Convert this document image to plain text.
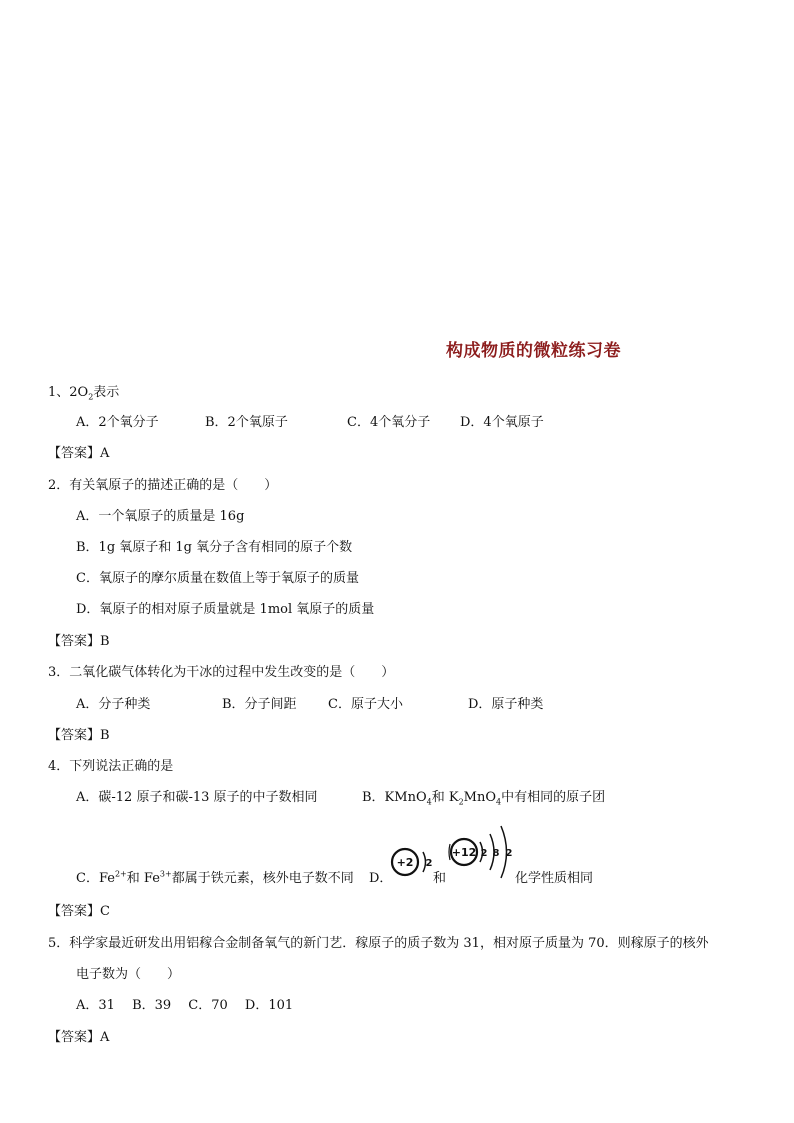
构成物质的微粒练习卷
1、$2O_2$表示
A．2个氧分子	B．2个氧原子	C．4个氧分子 D．4个氧原子
【答案】A
2．有关氧原子的描述正确的是（　　）
A．一个氧原子的质量是 16g
B．1g 氧原子和 1g 氧分子含有相同的原子个数
C．氧原子的摩尔质量在数值上等于氧原子的质量
D．氧原子的相对原子质量就是 1mol 氧原子的质量
【答案】B
3．二氧化碳气体转化为干冰的过程中发生改变的是（　　）
A．分子种类	B．分子间距 C．原子大小	D．原子种类
【答案】B
4．下列说法正确的是
A．碳-12 原子和碳-13 原子的中子数相同	B．KMnO$_4$和 $K_2MnO_4$中有相同的原子团
C．$Fe^{2+}$和 $Fe^{3+}$都属于铁元素，核外电子数不同 D．
+2 2
和
+12 2 8 2
化学性质相同
【答案】C
5．科学家最近研发出用铝稼合金制备氧气的新门艺．稼原子的质子数为 31，相对原子质量为 70．则稼原子的核外
电子数为（　　）
A．31　 B．39　 C．70　 D．101
【答案】A
